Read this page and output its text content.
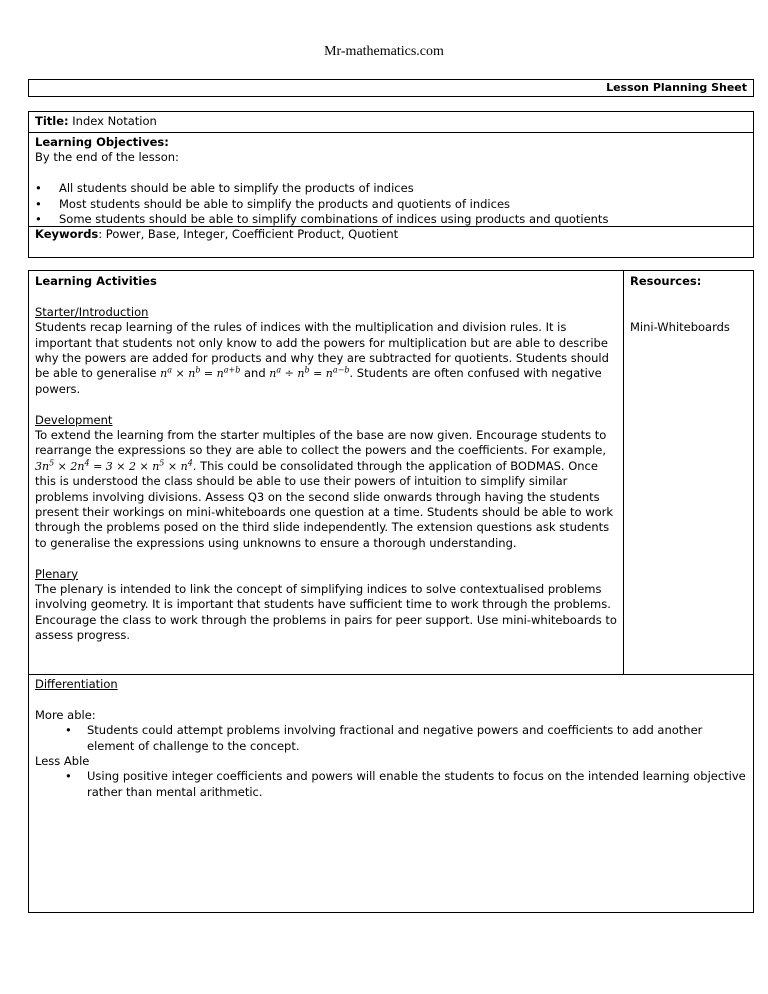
Mr-mathematics.com
Lesson Planning Sheet
Title: Index Notation

Learning Objectives:

By the end of the lesson:

• All students should be able to simplify the products of indices
• Most students should be able to simplify the products and quotients of indices
• Some students should be able to simplify combinations of indices using products and quotients
Keywords: Power, Base, Integer, Coefficient Product, Quotient

Learning Activities

Starter/Introduction

Students recap learning of the rules of indices with the multiplication and division rules. It is important that students not only know to add the powers for multiplication but are able to describe why the powers are added for products and why they are subtracted for quotients. Students should be able to generalise $n^a \times n^b = n^{a+b}$ and $n^a \div n^b = n^{a-b}$. Students are often confused with negative powers.

Development

To extend the learning from the starter multiples of the base are now given. Encourage students to rearrange the expressions so they are able to collect the powers and the coefficients. For example, $3n^5 \times 2n^4 = 3 \times 2 \times n^5 \times n^4$. This could be consolidated through the application of BODMAS. Once this is understood the class should be able to use their powers of intuition to simplify similar problems involving divisions. Assess Q3 on the second slide onwards through having the students present their workings on mini-whiteboards one question at a time. Students should be able to work through the problems posed on the third slide independently. The extension questions ask students to generalise the expressions using unknowns to ensure a thorough understanding.

Plenary

The plenary is intended to link the concept of simplifying indices to solve contextualised problems involving geometry. It is important that students have sufficient time to work through the problems. Encourage the class to work through the problems in pairs for peer support. Use mini-whiteboards to assess progress.

Resources:

Mini-Whiteboards

Differentiation

More able:

• Students could attempt problems involving fractional and negative powers and coefficients to add another element of challenge to the concept.

Less Able

• Using positive integer coefficients and powers will enable the students to focus on the intended learning objective rather than mental arithmetic.
